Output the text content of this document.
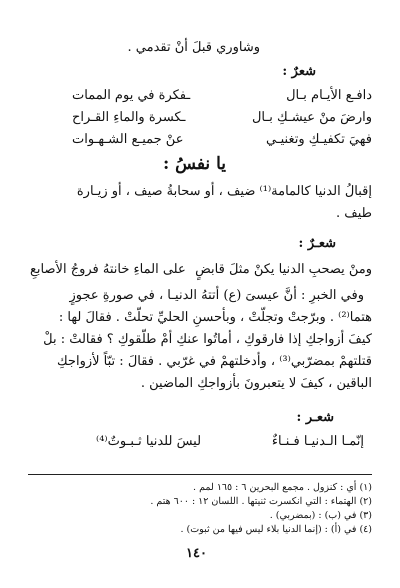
وشاوري قبلَ أنْ تقدمي .
شعرٌ :
دافـع الأيـام بـال
ـفكرة في يوم الممات
وارضَ منْ عيشـكِ بـال
ـكسرة والماءِ القـراح
فهيَ تكفيـكِ وتغنيـي
عنْ جميـع الشـهـوات
يا نفسُ :
إقبالُ الدنيا كالمامة⁽¹⁾ ضيف ، أو سحابةُ صيف ، أو زيـارة
طيف .
شعـرٌ :
ومنْ يصحبِ الدنيا يكنْ مثلَ قابضٍ
على الماءِ خانتهُ فروجُ الأصابعِ
وفي الخبرِ : أنَّ عيسىَ (ع) أتتهُ الدنيـا ، في صورةِ عجوزٍ
هتما⁽²⁾ . وبرّجتْ وتجلّتْ ، وبأحسنِ الحليِّ تحلّتْ . فقالَ لها :
كيفَ أزواجكِ إذا فارقوكِ ، أماتُوا عنكِ أمْ طلّقوكِ ؟ فقالتْ : بلْ
قتلتهمْ بمضرّبي⁽³⁾ ، وأدخلتهمْ في غرّبي . فقالَ : تبّاً لأزواجكِ
الباقين ، كيفَ لا يتعبرونَ بأزواجكِ الماضين .
شعـر :
إنّمـا الـدنيـا فـنـاءٌ
ليسَ للدنيا ثـبـوتٌ⁽⁴⁾
(١) أي : كنزول . مجمع البحرين ٦ : ١٦٥ لمم .
(٢) الهتماء : التي انكسرت ثنيتها . اللسان ١٢ : ٦٠٠ هتم .
(٣) في (ب) : (بمضربي) .
(٤) في (أ) : (إنما الدنيا بلاء ليس فيها من ثبوت) .
١٤٠
